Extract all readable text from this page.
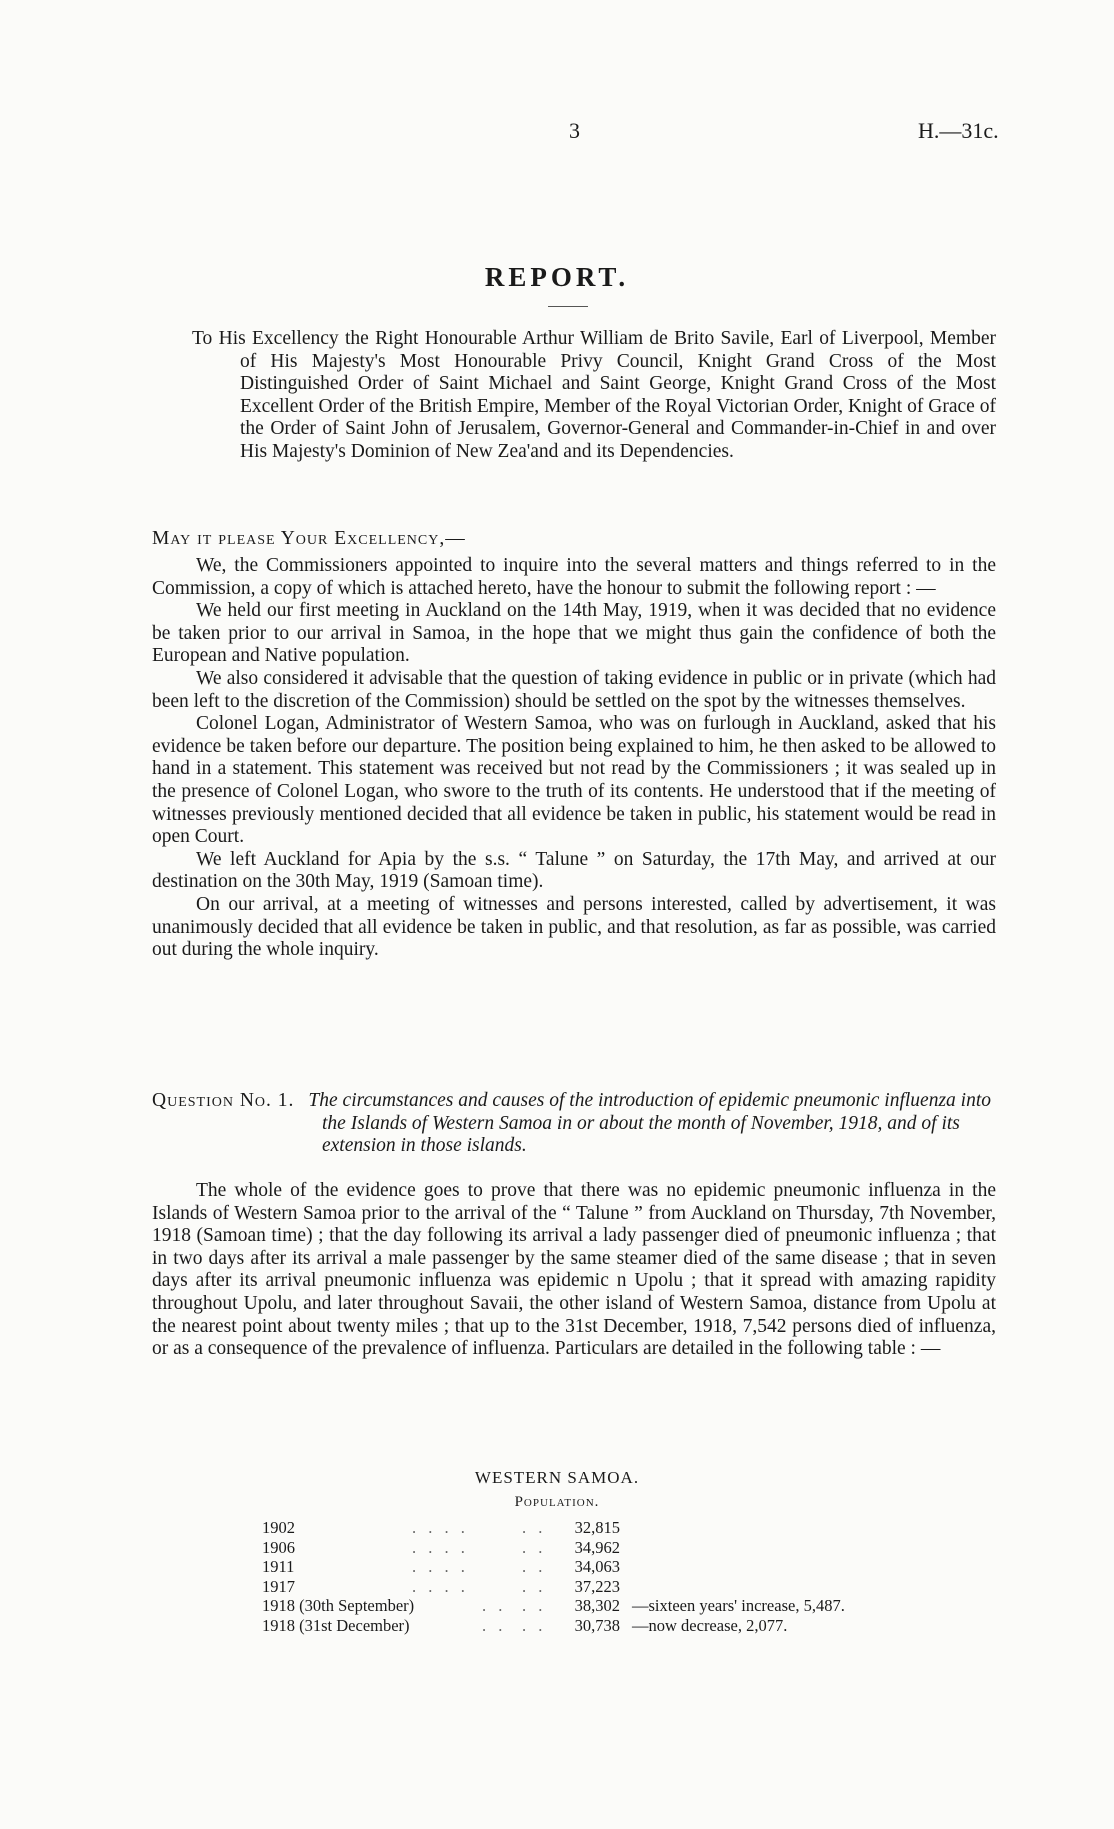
3	H.—31c.
REPORT.
To His Excellency the Right Honourable Arthur William de Brito Savile, Earl of Liverpool, Member of His Majesty's Most Honourable Privy Council, Knight Grand Cross of the Most Distinguished Order of Saint Michael and Saint George, Knight Grand Cross of the Most Excellent Order of the British Empire, Member of the Royal Victorian Order, Knight of Grace of the Order of Saint John of Jerusalem, Governor-General and Commander-in-Chief in and over His Majesty's Dominion of New Zea'and and its Dependencies.
May it please Your Excellency,—

We, the Commissioners appointed to inquire into the several matters and things referred to in the Commission, a copy of which is attached hereto, have the honour to submit the following report : —

We held our first meeting in Auckland on the 14th May, 1919, when it was decided that no evidence be taken prior to our arrival in Samoa, in the hope that we might thus gain the confidence of both the European and Native population.

We also considered it advisable that the question of taking evidence in public or in private (which had been left to the discretion of the Commission) should be settled on the spot by the witnesses themselves.

Colonel Logan, Administrator of Western Samoa, who was on furlough in Auckland, asked that his evidence be taken before our departure. The position being explained to him, he then asked to be allowed to hand in a statement. This statement was received but not read by the Commissioners ; it was sealed up in the presence of Colonel Logan, who swore to the truth of its contents. He understood that if the meeting of witnesses previously mentioned decided that all evidence be taken in public, his statement would be read in open Court.

We left Auckland for Apia by the s.s. “ Talune ” on Saturday, the 17th May, and arrived at our destination on the 30th May, 1919 (Samoan time).

On our arrival, at a meeting of witnesses and persons interested, called by advertisement, it was unanimously decided that all evidence be taken in public, and that resolution, as far as possible, was carried out during the whole inquiry.

Question No. 1. The circumstances and causes of the introduction of epidemic pneumonic influenza into the Islands of Western Samoa in or about the month of November, 1918, and of its extension in those islands.

The whole of the evidence goes to prove that there was no epidemic pneumonic influenza in the Islands of Western Samoa prior to the arrival of the “ Talune ” from Auckland on Thursday, 7th November, 1918 (Samoan time) ; that the day following its arrival a lady passenger died of pneumonic influenza ; that in two days after its arrival a male passenger by the same steamer died of the same disease ; that in seven days after its arrival pneumonic influenza was epidemic n Upolu ; that it spread with amazing rapidity throughout Upolu, and later throughout Savaii, the other island of Western Samoa, distance from Upolu at the nearest point about twenty miles ; that up to the 31st December, 1918, 7,542 persons died of influenza, or as a consequence of the prevalence of influenza. Particulars are detailed in the following table : —

WESTERN SAMOA.
Population.
1902	. . . .	. .	32,815
1906	. . . .	. .	34,962
1911	. . . .	. .	34,063
1917	. . . .	. .	37,223
1918 (30th September)	. . . .	38,302 —sixteen years' increase, 5,487.
1918 (31st December)	. . . .	30,738 —now decrease, 2,077.
